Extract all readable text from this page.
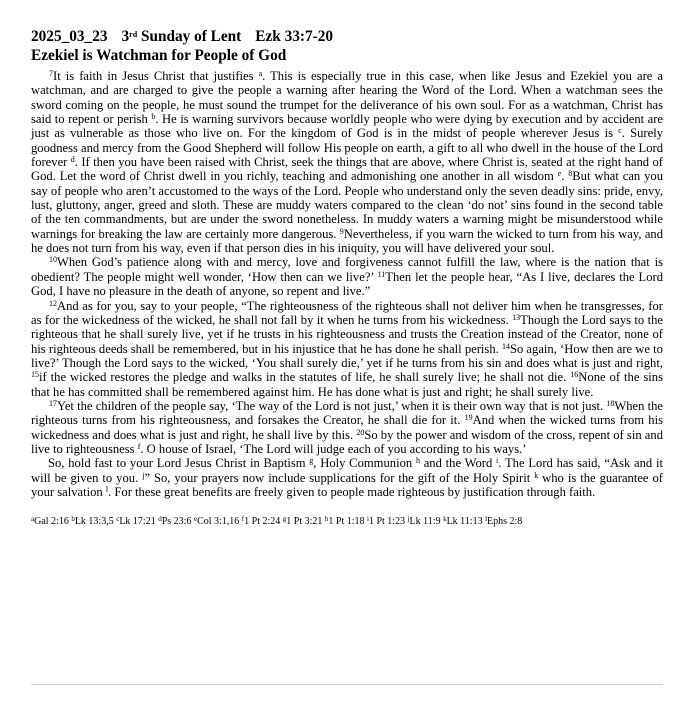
2025_03_23 3rd Sunday of Lent Ezk 33:7-20
Ezekiel is Watchman for People of God

$^7$It is faith in Jesus Christ that justifies $^a$. This is especially true in this case, when like Jesus and Ezekiel you are a watchman, and are charged to give the people a warning after hearing the Word of the Lord. When a watchman sees the sword coming on the people, he must sound the trumpet for the deliverance of his own soul. For as a watchman, Christ has said to repent or perish $^b$. He is warning survivors because worldly people who were dying by execution and by accident are just as vulnerable as those who live on. For the kingdom of God is in the midst of people wherever Jesus is $^c$. Surely goodness and mercy from the Good Shepherd will follow His people on earth, a gift to all who dwell in the house of the Lord forever $^d$. If then you have been raised with Christ, seek the things that are above, where Christ is, seated at the right hand of God. Let the word of Christ dwell in you richly, teaching and admonishing one another in all wisdom $^e$. $^8$But what can you say of people who aren’t accustomed to the ways of the Lord. People who understand only the seven deadly sins: pride, envy, lust, gluttony, anger, greed and sloth. These are muddy waters compared to the clean ‘do not’ sins found in the second table of the ten commandments, but are under the sword nonetheless. In muddy waters a warning might be misunderstood while warnings for breaking the law are certainly more dangerous. $^9$Nevertheless, if you warn the wicked to turn from his way, and he does not turn from his way, even if that person dies in his iniquity, you will have delivered your soul.

$^{10}$When God’s patience along with and mercy, love and forgiveness cannot fulfill the law, where is the nation that is obedient? The people might well wonder, ‘How then can we live?’ $^{11}$Then let the people hear, “As I live, declares the Lord God, I have no pleasure in the death of anyone, so repent and live.”

$^{12}$And as for you, say to your people, “The righteousness of the righteous shall not deliver him when he transgresses, for as for the wickedness of the wicked, he shall not fall by it when he turns from his wickedness. $^{13}$Though the Lord says to the righteous that he shall surely live, yet if he trusts in his righteousness and trusts the Creation instead of the Creator, none of his righteous deeds shall be remembered, but in his injustice that he has done he shall perish. $^{14}$So again, ‘How then are we to live?’ Though the Lord says to the wicked, ‘You shall surely die,’ yet if he turns from his sin and does what is just and right, $^{15}$if the wicked restores the pledge and walks in the statutes of life, he shall surely live; he shall not die. $^{16}$None of the sins that he has committed shall be remembered against him. He has done what is just and right; he shall surely live.

$^{17}$Yet the children of the people say, ‘The way of the Lord is not just,’ when it is their own way that is not just. $^{18}$When the righteous turns from his righteousness, and forsakes the Creator, he shall die for it. $^{19}$And when the wicked turns from his wickedness and does what is just and right, he shall live by this. $^{20}$So by the power and wisdom of the cross, repent of sin and live to righteousness $^f$. O house of Israel, ‘The Lord will judge each of you according to his ways.’

So, hold fast to your Lord Jesus Christ in Baptism $^g$, Holy Communion $^h$ and the Word $^i$. The Lord has said, “Ask and it will be given to you. $^j$” So, your prayers now include supplications for the gift of the Holy Spirit $^k$ who is the guarantee of your salvation $^l$. For these great benefits are freely given to people made righteous by justification through faith.

$^a$Gal 2:16 $^b$Lk 13:3,5 $^c$Lk 17:21 $^d$Ps 23:6 $^e$Col 3:1,16 $^f$1 Pt 2:24 $^g$1 Pt 3:21 $^h$1 Pt 1:18 $^i$1 Pt 1:23 $^j$Lk 11:9 $^k$Lk 11:13 $^l$Ephs 2:8
